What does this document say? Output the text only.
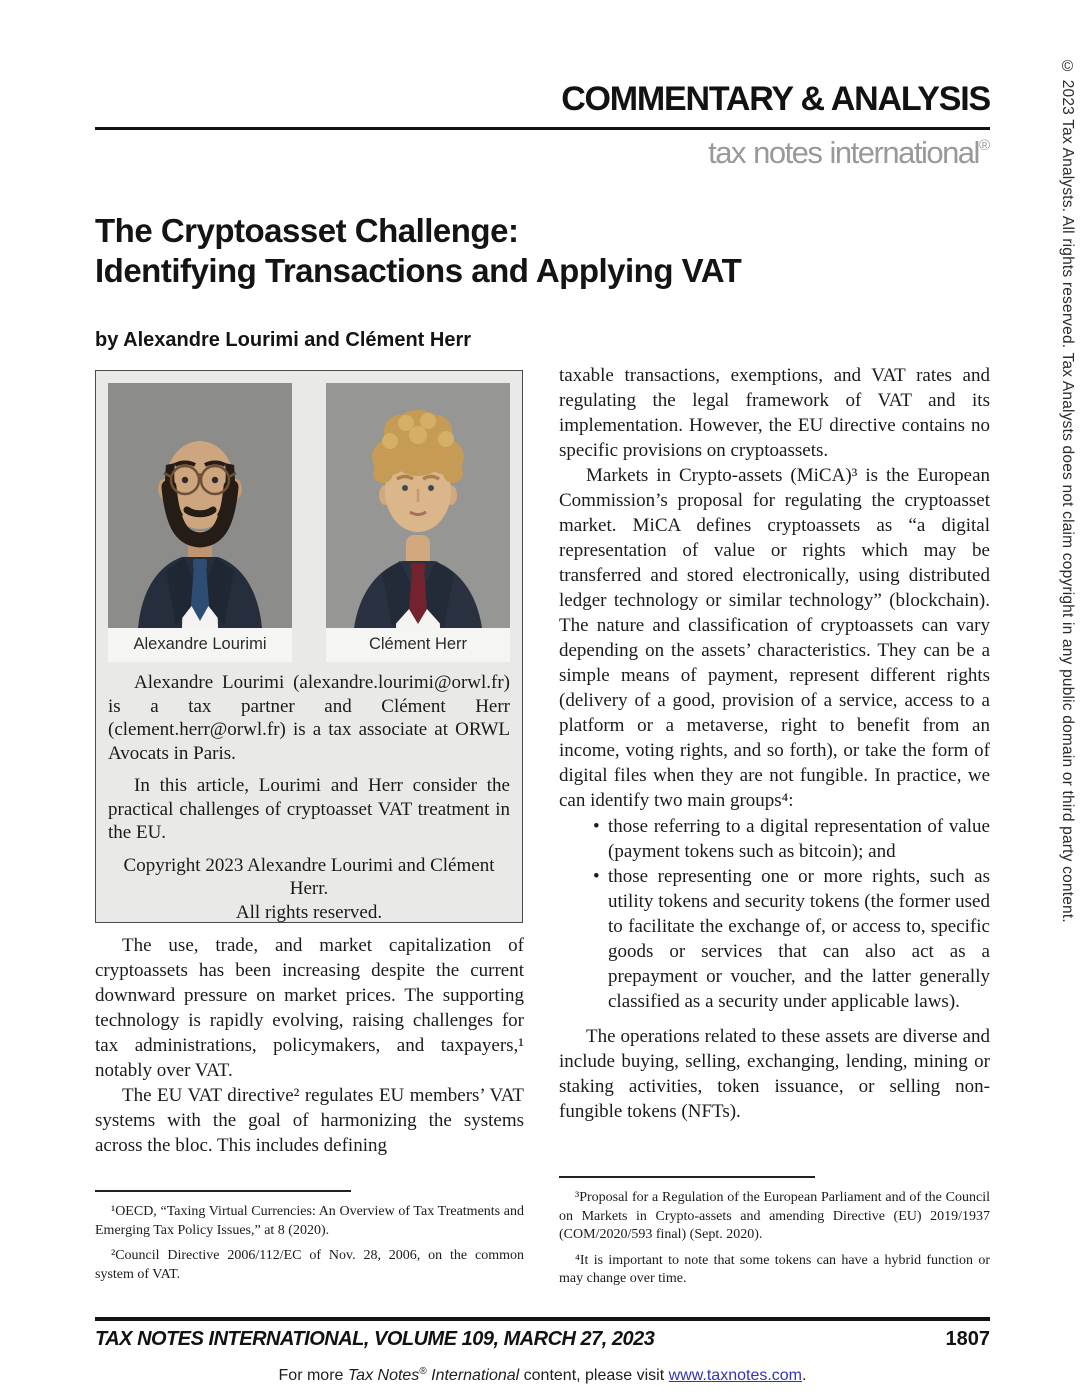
© 2023 Tax Analysts. All rights reserved. Tax Analysts does not claim copyright in any public domain or third party content.
COMMENTARY & ANALYSIS
tax notes international®
The Cryptoasset Challenge:
Identifying Transactions and Applying VAT
by Alexandre Lourimi and Clément Herr
Alexandre Lourimi	Clément Herr

Alexandre Lourimi (alexandre.lourimi@orwl.fr) is a tax partner and Clément Herr (clement.herr@orwl.fr) is a tax associate at ORWL Avocats in Paris.

In this article, Lourimi and Herr consider the practical challenges of cryptoasset VAT treatment in the EU.

Copyright 2023 Alexandre Lourimi and Clément Herr.

All rights reserved.

The use, trade, and market capitalization of cryptoassets has been increasing despite the current downward pressure on market prices. The supporting technology is rapidly evolving, raising challenges for tax administrations, policymakers, and taxpayers,¹ notably over VAT.

The EU VAT directive² regulates EU members’ VAT systems with the goal of harmonizing the systems across the bloc. This includes defining

taxable transactions, exemptions, and VAT rates and regulating the legal framework of VAT and its implementation. However, the EU directive contains no specific provisions on cryptoassets.

Markets in Crypto-assets (MiCA)³ is the European Commission’s proposal for regulating the cryptoasset market. MiCA defines cryptoassets as “a digital representation of value or rights which may be transferred and stored electronically, using distributed ledger technology or similar technology” (blockchain). The nature and classification of cryptoassets can vary depending on the assets’ characteristics. They can be a simple means of payment, represent different rights (delivery of a good, provision of a service, access to a platform or a metaverse, right to benefit from an income, voting rights, and so forth), or take the form of digital files when they are not fungible. In practice, we can identify two main groups⁴:

• those referring to a digital representation of value (payment tokens such as bitcoin); and
• those representing one or more rights, such as utility tokens and security tokens (the former used to facilitate the exchange of, or access to, specific goods or services that can also act as a prepayment or voucher, and the latter generally classified as a security under applicable laws).

The operations related to these assets are diverse and include buying, selling, exchanging, lending, mining or staking activities, token issuance, or selling non-fungible tokens (NFTs).

¹OECD, “Taxing Virtual Currencies: An Overview of Tax Treatments and Emerging Tax Policy Issues,” at 8 (2020).

²Council Directive 2006/112/EC of Nov. 28, 2006, on the common system of VAT.

³Proposal for a Regulation of the European Parliament and of the Council on Markets in Crypto-assets and amending Directive (EU) 2019/1937 (COM/2020/593 final) (Sept. 2020).

⁴It is important to note that some tokens can have a hybrid function or may change over time.

TAX NOTES INTERNATIONAL, VOLUME 109, MARCH 27, 2023	1807
For more Tax Notes® International content, please visit www.taxnotes.com.
